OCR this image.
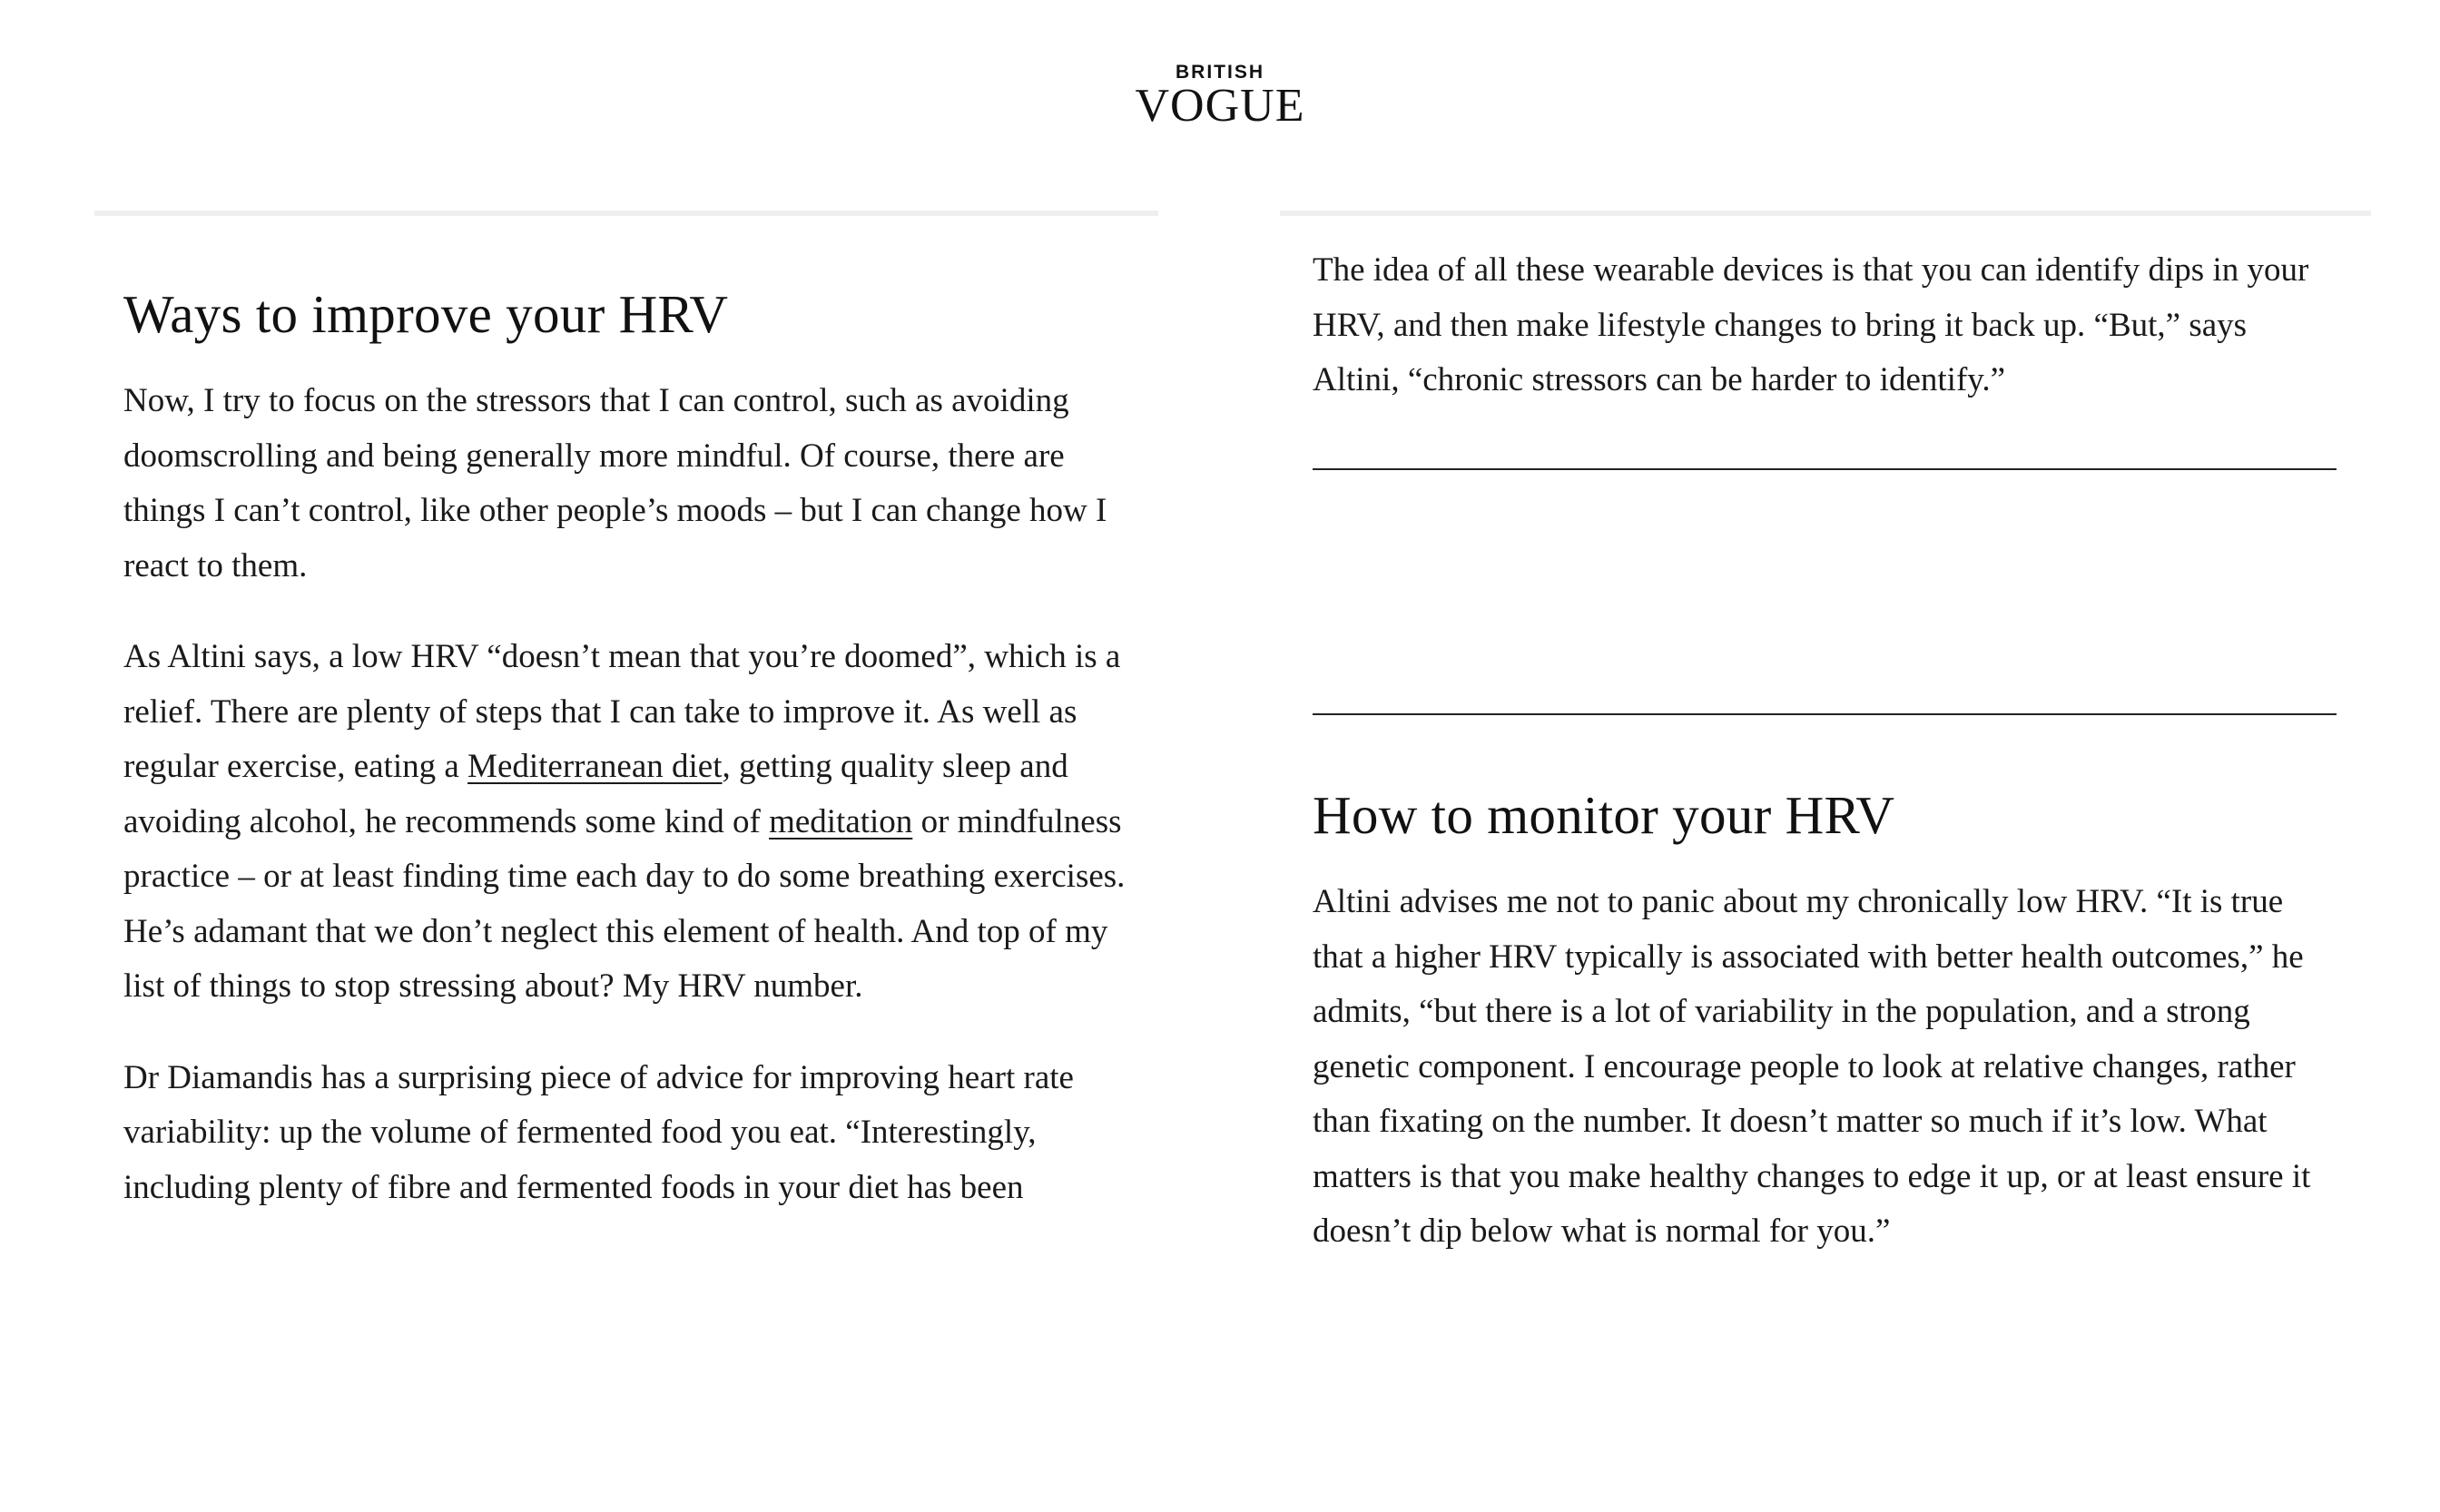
BRITISH
VOGUE
Ways to improve your HRV

Now, I try to focus on the stressors that I can control, such as avoiding doomscrolling and being generally more mindful. Of course, there are things I can’t control, like other people’s moods – but I can change how I react to them.

As Altini says, a low HRV “doesn’t mean that you’re doomed”, which is a relief. There are plenty of steps that I can take to improve it. As well as regular exercise, eating a Mediterranean diet, getting quality sleep and avoiding alcohol, he recommends some kind of meditation or mindfulness practice – or at least finding time each day to do some breathing exercises. He’s adamant that we don’t neglect this element of health. And top of my list of things to stop stressing about? My HRV number.

Dr Diamandis has a surprising piece of advice for improving heart rate variability: up the volume of fermented food you eat. “Interestingly, including plenty of fibre and fermented foods in your diet has been

The idea of all these wearable devices is that you can identify dips in your HRV, and then make lifestyle changes to bring it back up. “But,” says Altini, “chronic stressors can be harder to identify.”

How to monitor your HRV

Altini advises me not to panic about my chronically low HRV. “It is true that a higher HRV typically is associated with better health outcomes,” he admits, “but there is a lot of variability in the population, and a strong genetic component. I encourage people to look at relative changes, rather than fixating on the number. It doesn’t matter so much if it’s low. What matters is that you make healthy changes to edge it up, or at least ensure it doesn’t dip below what is normal for you.”
